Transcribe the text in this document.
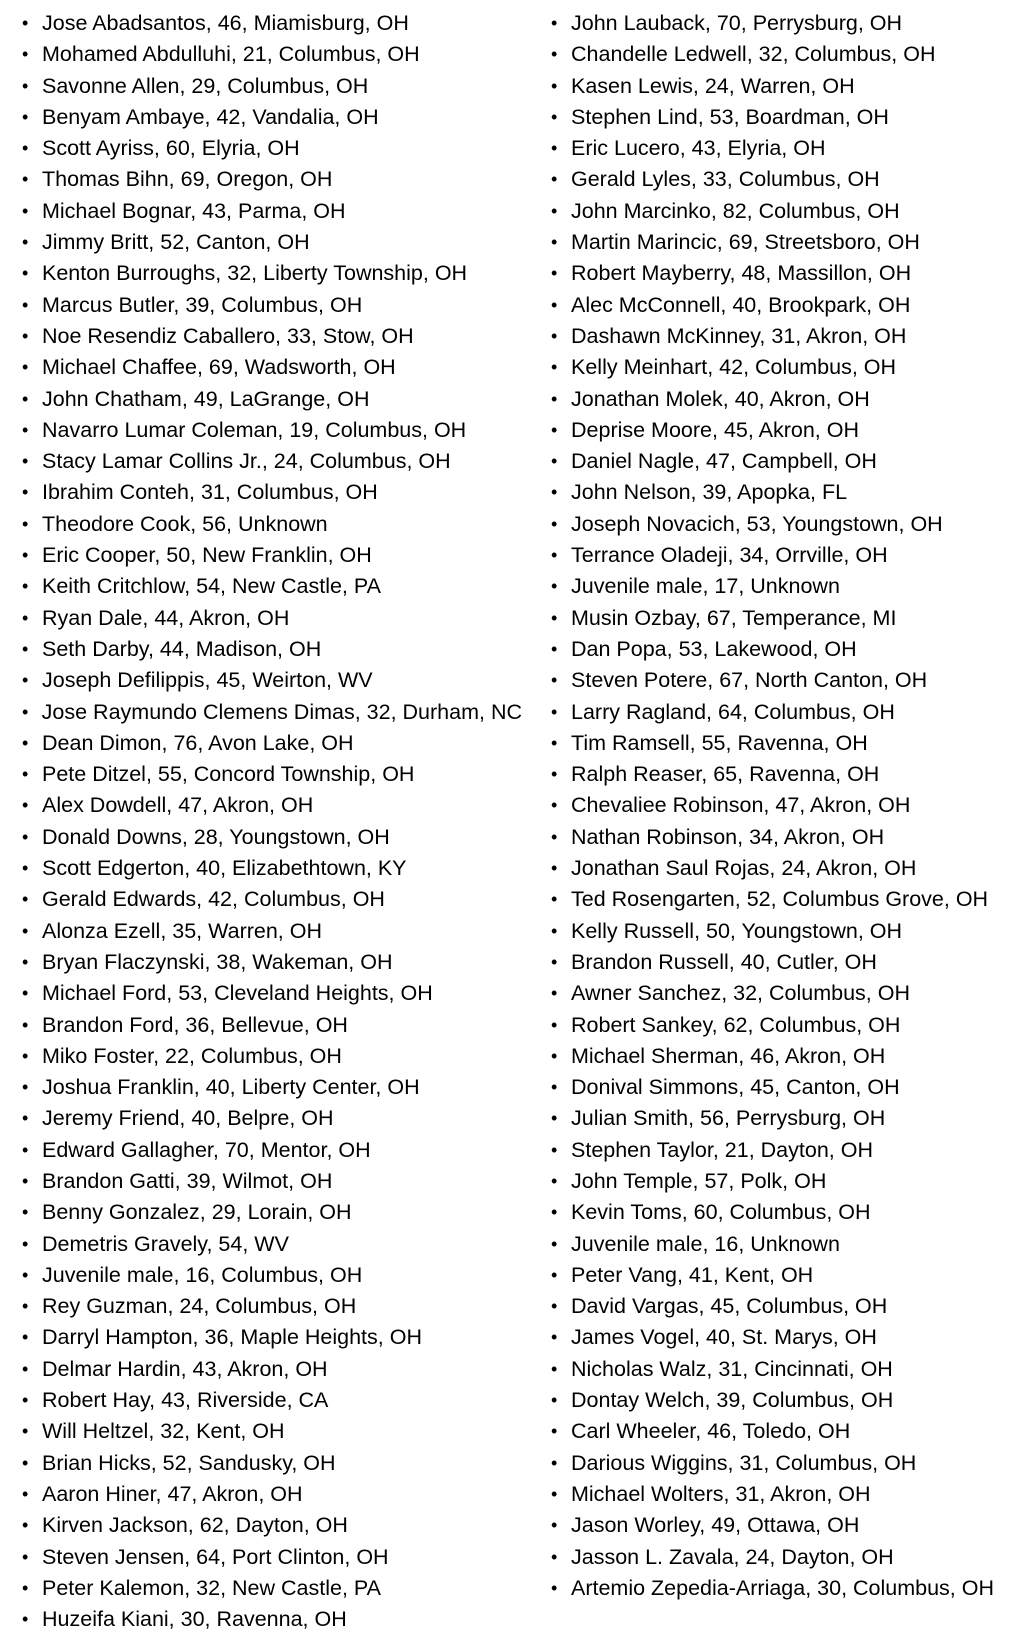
• Jose Abadsantos, 46, Miamisburg, OH
• Mohamed Abdulluhi, 21, Columbus, OH
• Savonne Allen, 29, Columbus, OH
• Benyam Ambaye, 42, Vandalia, OH
• Scott Ayriss, 60, Elyria, OH
• Thomas Bihn, 69, Oregon, OH
• Michael Bognar, 43, Parma, OH
• Jimmy Britt, 52, Canton, OH
• Kenton Burroughs, 32, Liberty Township, OH
• Marcus Butler, 39, Columbus, OH
• Noe Resendiz Caballero, 33, Stow, OH
• Michael Chaffee, 69, Wadsworth, OH
• John Chatham, 49, LaGrange, OH
• Navarro Lumar Coleman, 19, Columbus, OH
• Stacy Lamar Collins Jr., 24, Columbus, OH
• Ibrahim Conteh, 31, Columbus, OH
• Theodore Cook, 56, Unknown
• Eric Cooper, 50, New Franklin, OH
• Keith Critchlow, 54, New Castle, PA
• Ryan Dale, 44, Akron, OH
• Seth Darby, 44, Madison, OH
• Joseph Defilippis, 45, Weirton, WV
• Jose Raymundo Clemens Dimas, 32, Durham, NC
• Dean Dimon, 76, Avon Lake, OH
• Pete Ditzel, 55, Concord Township, OH
• Alex Dowdell, 47, Akron, OH
• Donald Downs, 28, Youngstown, OH
• Scott Edgerton, 40, Elizabethtown, KY
• Gerald Edwards, 42, Columbus, OH
• Alonza Ezell, 35, Warren, OH
• Bryan Flaczynski, 38, Wakeman, OH
• Michael Ford, 53, Cleveland Heights, OH
• Brandon Ford, 36, Bellevue, OH
• Miko Foster, 22, Columbus, OH
• Joshua Franklin, 40, Liberty Center, OH
• Jeremy Friend, 40, Belpre, OH
• Edward Gallagher, 70, Mentor, OH
• Brandon Gatti, 39, Wilmot, OH
• Benny Gonzalez, 29, Lorain, OH
• Demetris Gravely, 54, WV
• Juvenile male, 16, Columbus, OH
• Rey Guzman, 24, Columbus, OH
• Darryl Hampton, 36, Maple Heights, OH
• Delmar Hardin, 43, Akron, OH
• Robert Hay, 43, Riverside, CA
• Will Heltzel, 32, Kent, OH
• Brian Hicks, 52, Sandusky, OH
• Aaron Hiner, 47, Akron, OH
• Kirven Jackson, 62, Dayton, OH
• Steven Jensen, 64, Port Clinton, OH
• Peter Kalemon, 32, New Castle, PA
• Huzeifa Kiani, 30, Ravenna, OH
• John Lauback, 70, Perrysburg, OH
• Chandelle Ledwell, 32, Columbus, OH
• Kasen Lewis, 24, Warren, OH
• Stephen Lind, 53, Boardman, OH
• Eric Lucero, 43, Elyria, OH
• Gerald Lyles, 33, Columbus, OH
• John Marcinko, 82, Columbus, OH
• Martin Marincic, 69, Streetsboro, OH
• Robert Mayberry, 48, Massillon, OH
• Alec McConnell, 40, Brookpark, OH
• Dashawn McKinney, 31, Akron, OH
• Kelly Meinhart, 42, Columbus, OH
• Jonathan Molek, 40, Akron, OH
• Deprise Moore, 45, Akron, OH
• Daniel Nagle, 47, Campbell, OH
• John Nelson, 39, Apopka, FL
• Joseph Novacich, 53, Youngstown, OH
• Terrance Oladeji, 34, Orrville, OH
• Juvenile male, 17, Unknown
• Musin Ozbay, 67, Temperance, MI
• Dan Popa, 53, Lakewood, OH
• Steven Potere, 67, North Canton, OH
• Larry Ragland, 64, Columbus, OH
• Tim Ramsell, 55, Ravenna, OH
• Ralph Reaser, 65, Ravenna, OH
• Chevaliee Robinson, 47, Akron, OH
• Nathan Robinson, 34, Akron, OH
• Jonathan Saul Rojas, 24, Akron, OH
• Ted Rosengarten, 52, Columbus Grove, OH
• Kelly Russell, 50, Youngstown, OH
• Brandon Russell, 40, Cutler, OH
• Awner Sanchez, 32, Columbus, OH
• Robert Sankey, 62, Columbus, OH
• Michael Sherman, 46, Akron, OH
• Donival Simmons, 45, Canton, OH
• Julian Smith, 56, Perrysburg, OH
• Stephen Taylor, 21, Dayton, OH
• John Temple, 57, Polk, OH
• Kevin Toms, 60, Columbus, OH
• Juvenile male, 16, Unknown
• Peter Vang, 41, Kent, OH
• David Vargas, 45, Columbus, OH
• James Vogel, 40, St. Marys, OH
• Nicholas Walz, 31, Cincinnati, OH
• Dontay Welch, 39, Columbus, OH
• Carl Wheeler, 46, Toledo, OH
• Darious Wiggins, 31, Columbus, OH
• Michael Wolters, 31, Akron, OH
• Jason Worley, 49, Ottawa, OH
• Jasson L. Zavala, 24, Dayton, OH
• Artemio Zepedia-Arriaga, 30, Columbus, OH
